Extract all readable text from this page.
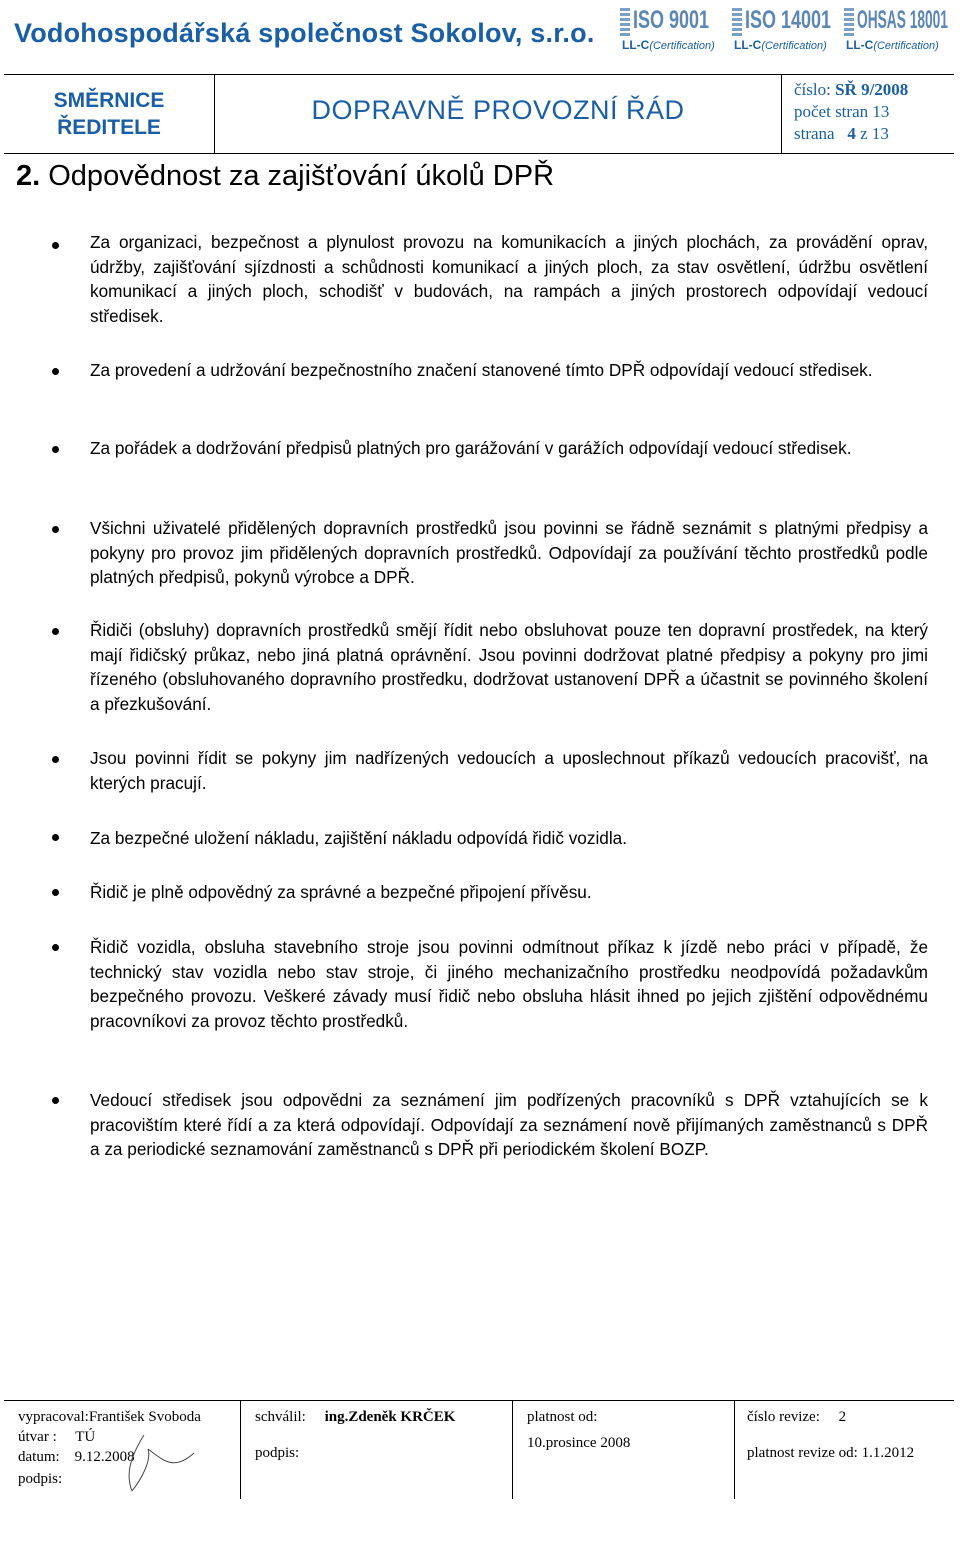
Vodohospodářská společnost Sokolov, s.r.o. ISO 9001
LL-C(Certification)
ISO 14001
LL-C(Certification)
OHSAS 18001
LL-C(Certification)
SMĚRNICE
ŘEDITELE
DOPRAVNĚ PROVOZNÍ ŘÁD
číslo: SŘ 9/2008
počet stran 13
strana 4 z 13
2. Odpovědnost za zajišťování úkolů DPŘ
Za organizaci, bezpečnost a plynulost provozu na komunikacích a jiných plochách, za provádění oprav, údržby, zajišťování sjízdnosti a schůdnosti komunikací a jiných ploch, za stav osvětlení, údržbu osvětlení komunikací a jiných ploch, schodišť v budovách, na rampách a jiných prostorech odpovídají vedoucí středisek.
Za provedení a udržování bezpečnostního značení stanovené tímto DPŘ odpovídají vedoucí středisek.
Za pořádek a dodržování předpisů platných pro garážování v garážích odpovídají vedoucí středisek.
Všichni uživatelé přidělených dopravních prostředků jsou povinni se řádně seznámit s platnými předpisy a pokyny pro provoz jim přidělených dopravních prostředků. Odpovídají za používání těchto prostředků podle platných předpisů, pokynů výrobce a DPŘ.
Řidiči (obsluhy) dopravních prostředků smějí řídit nebo obsluhovat pouze ten dopravní prostředek, na který mají řidičský průkaz, nebo jiná platná oprávnění. Jsou povinni dodržovat platné předpisy a pokyny pro jimi řízeného (obsluhovaného dopravního prostředku, dodržovat ustanovení DPŘ a účastnit se povinného školení a přezkušování.
Jsou povinni řídit se pokyny jim nadřízených vedoucích a uposlechnout příkazů vedoucích pracovišť, na kterých pracují.
Za bezpečné uložení nákladu, zajištění nákladu odpovídá řidič vozidla.
Řidič je plně odpovědný za správné a bezpečné připojení přívěsu.
Řidič vozidla, obsluha stavebního stroje jsou povinni odmítnout příkaz k jízdě nebo práci v případě, že technický stav vozidla nebo stav stroje, či jiného mechanizačního prostředku neodpovídá požadavkům bezpečného provozu. Veškeré závady musí řidič nebo obsluha hlásit ihned po jejich zjištění odpovědnému pracovníkovi za provoz těchto prostředků.
Vedoucí středisek jsou odpovědni za seznámení jim podřízených pracovníků s DPŘ vztahujících se k pracovištím které řídí a za která odpovídají. Odpovídají za seznámení nově přijímaných zaměstnanců s DPŘ a za periodické seznamování zaměstnanců s DPŘ při periodickém školení BOZP.
vypracoval:František Svoboda
útvar : TÚ
datum: 9.12.2008
podpis:
schválil: ing.Zdeněk KRČEK
podpis:
platnost od:
10.prosince 2008
číslo revize: 2
platnost revize od: 1.1.2012
